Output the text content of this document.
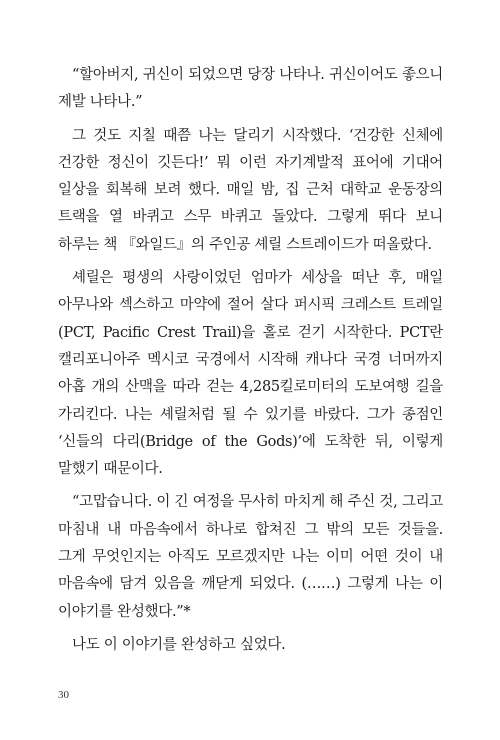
“할아버지, 귀신이 되었으면 당장 나타나. 귀신이어도 좋으니 제발 나타나.”

그 것도 지칠 때쯤 나는 달리기 시작했다. ‘건강한 신체에 건강한 정신이 깃든다!’ 뭐 이런 자기계발적 표어에 기대어 일상을 회복해 보려 했다. 매일 밤, 집 근처 대학교 운동장의 트랙을 열 바퀴고 스무 바퀴고 돌았다. 그렇게 뛰다 보니 하루는 책 『와일드』의 주인공 셰릴 스트레이드가 떠올랐다.

셰릴은 평생의 사랑이었던 엄마가 세상을 떠난 후, 매일 아무나와 섹스하고 마약에 절어 살다 퍼시픽 크레스트 트레일(PCT, Pacific Crest Trail)을 홀로 걷기 시작한다. PCT란 캘리포니아주 멕시코 국경에서 시작해 캐나다 국경 너머까지 아홉 개의 산맥을 따라 걷는 4,285킬로미터의 도보여행 길을 가리킨다. 나는 셰릴처럼 될 수 있기를 바랐다. 그가 종점인 ‘신들의 다리(Bridge of the Gods)’에 도착한 뒤, 이렇게 말했기 때문이다.

“고맙습니다. 이 긴 여정을 무사히 마치게 해 주신 것, 그리고 마침내 내 마음속에서 하나로 합쳐진 그 밖의 모든 것들을. 그게 무엇인지는 아직도 모르겠지만 나는 이미 어떤 것이 내 마음속에 담겨 있음을 깨닫게 되었다. (……) 그렇게 나는 이 이야기를 완성했다.”*

나도 이 이야기를 완성하고 싶었다.

30
